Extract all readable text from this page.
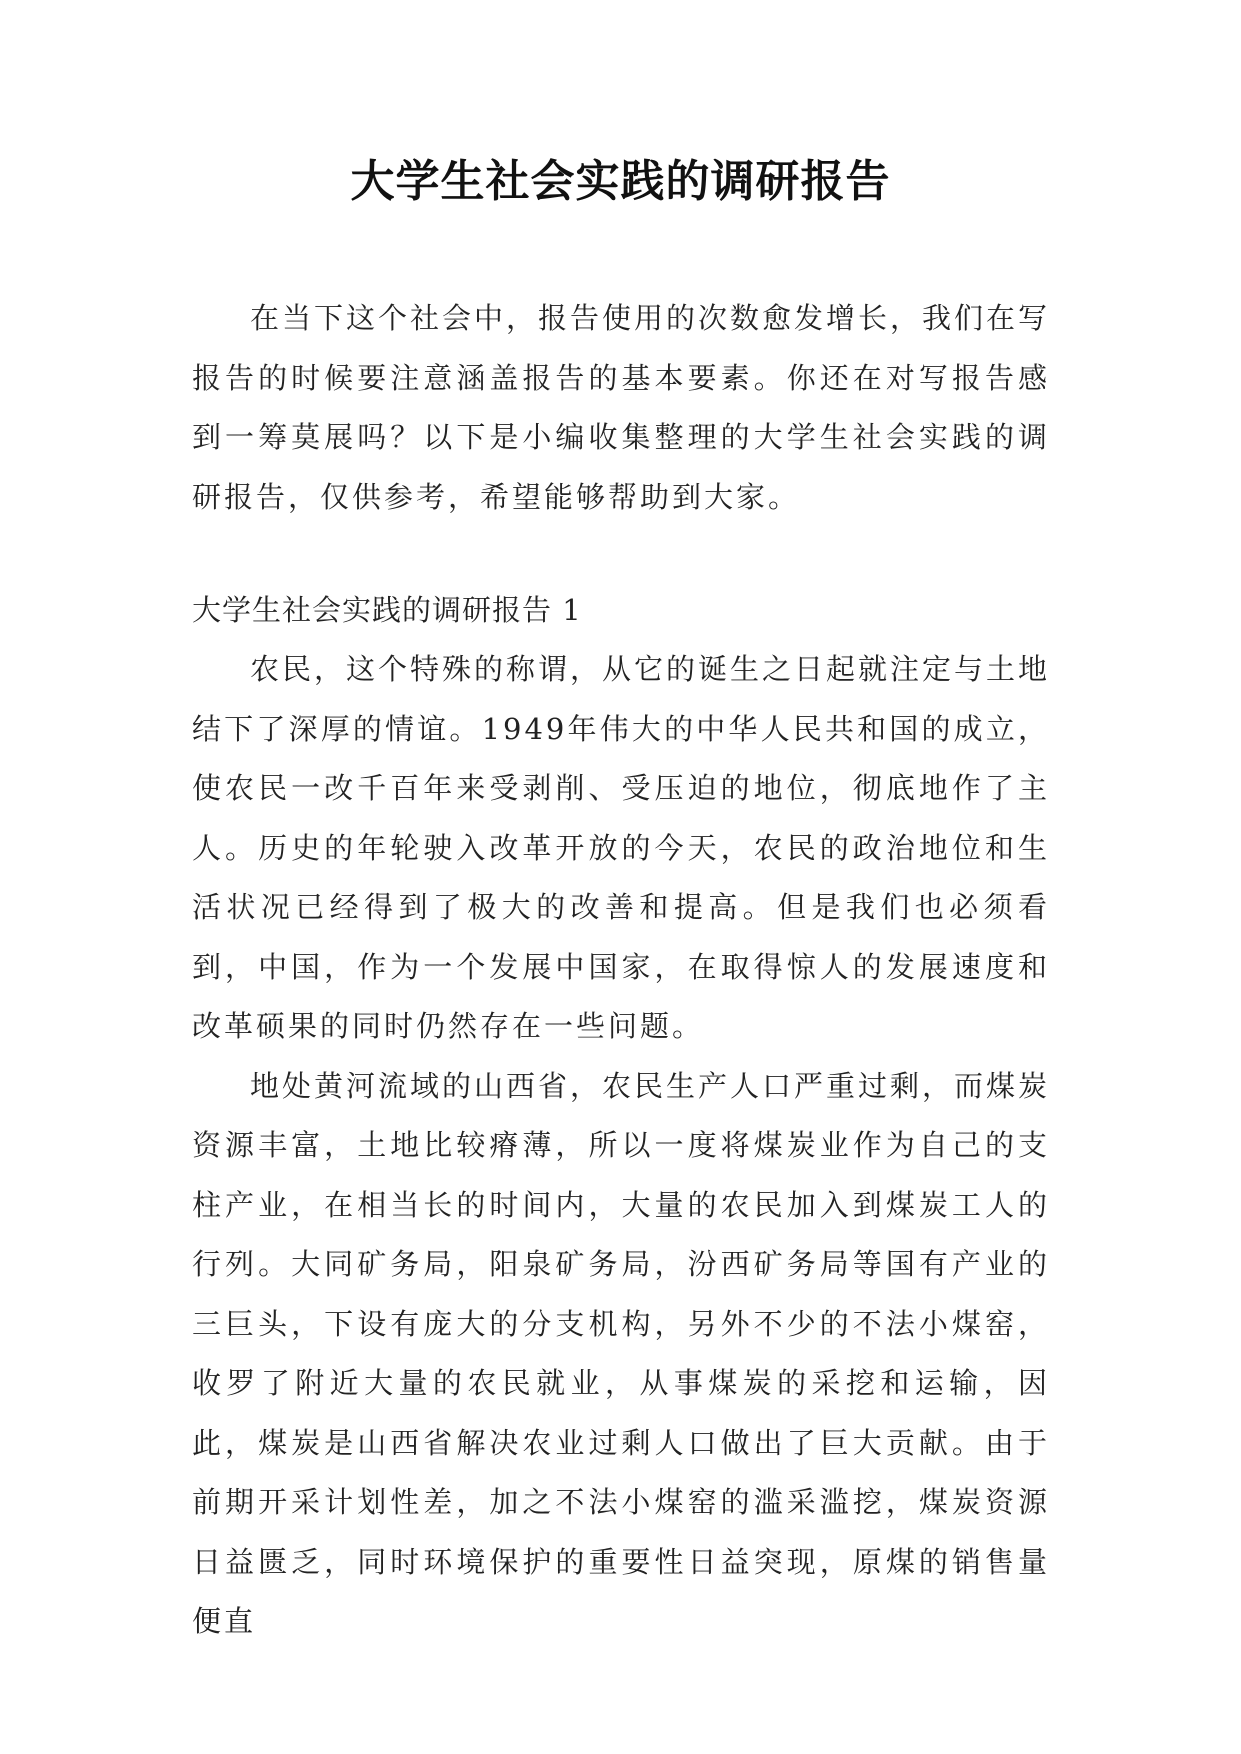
大学生社会实践的调研报告

在当下这个社会中，报告使用的次数愈发增长，我们在写报告的时候要注意涵盖报告的基本要素。你还在对写报告感到一筹莫展吗？以下是小编收集整理的大学生社会实践的调研报告，仅供参考，希望能够帮助到大家。

大学生社会实践的调研报告 1

农民，这个特殊的称谓，从它的诞生之日起就注定与土地结下了深厚的情谊。1949年伟大的中华人民共和国的成立，使农民一改千百年来受剥削、受压迫的地位，彻底地作了主人。历史的年轮驶入改革开放的今天，农民的政治地位和生活状况已经得到了极大的改善和提高。但是我们也必须看到，中国，作为一个发展中国家，在取得惊人的发展速度和改革硕果的同时仍然存在一些问题。

地处黄河流域的山西省，农民生产人口严重过剩，而煤炭资源丰富，土地比较瘠薄，所以一度将煤炭业作为自己的支柱产业，在相当长的时间内，大量的农民加入到煤炭工人的行列。大同矿务局，阳泉矿务局，汾西矿务局等国有产业的三巨头，下设有庞大的分支机构，另外不少的不法小煤窑，收罗了附近大量的农民就业，从事煤炭的采挖和运输，因此，煤炭是山西省解决农业过剩人口做出了巨大贡献。由于前期开采计划性差，加之不法小煤窑的滥采滥挖，煤炭资源日益匮乏，同时环境保护的重要性日益突现，原煤的销售量便直
